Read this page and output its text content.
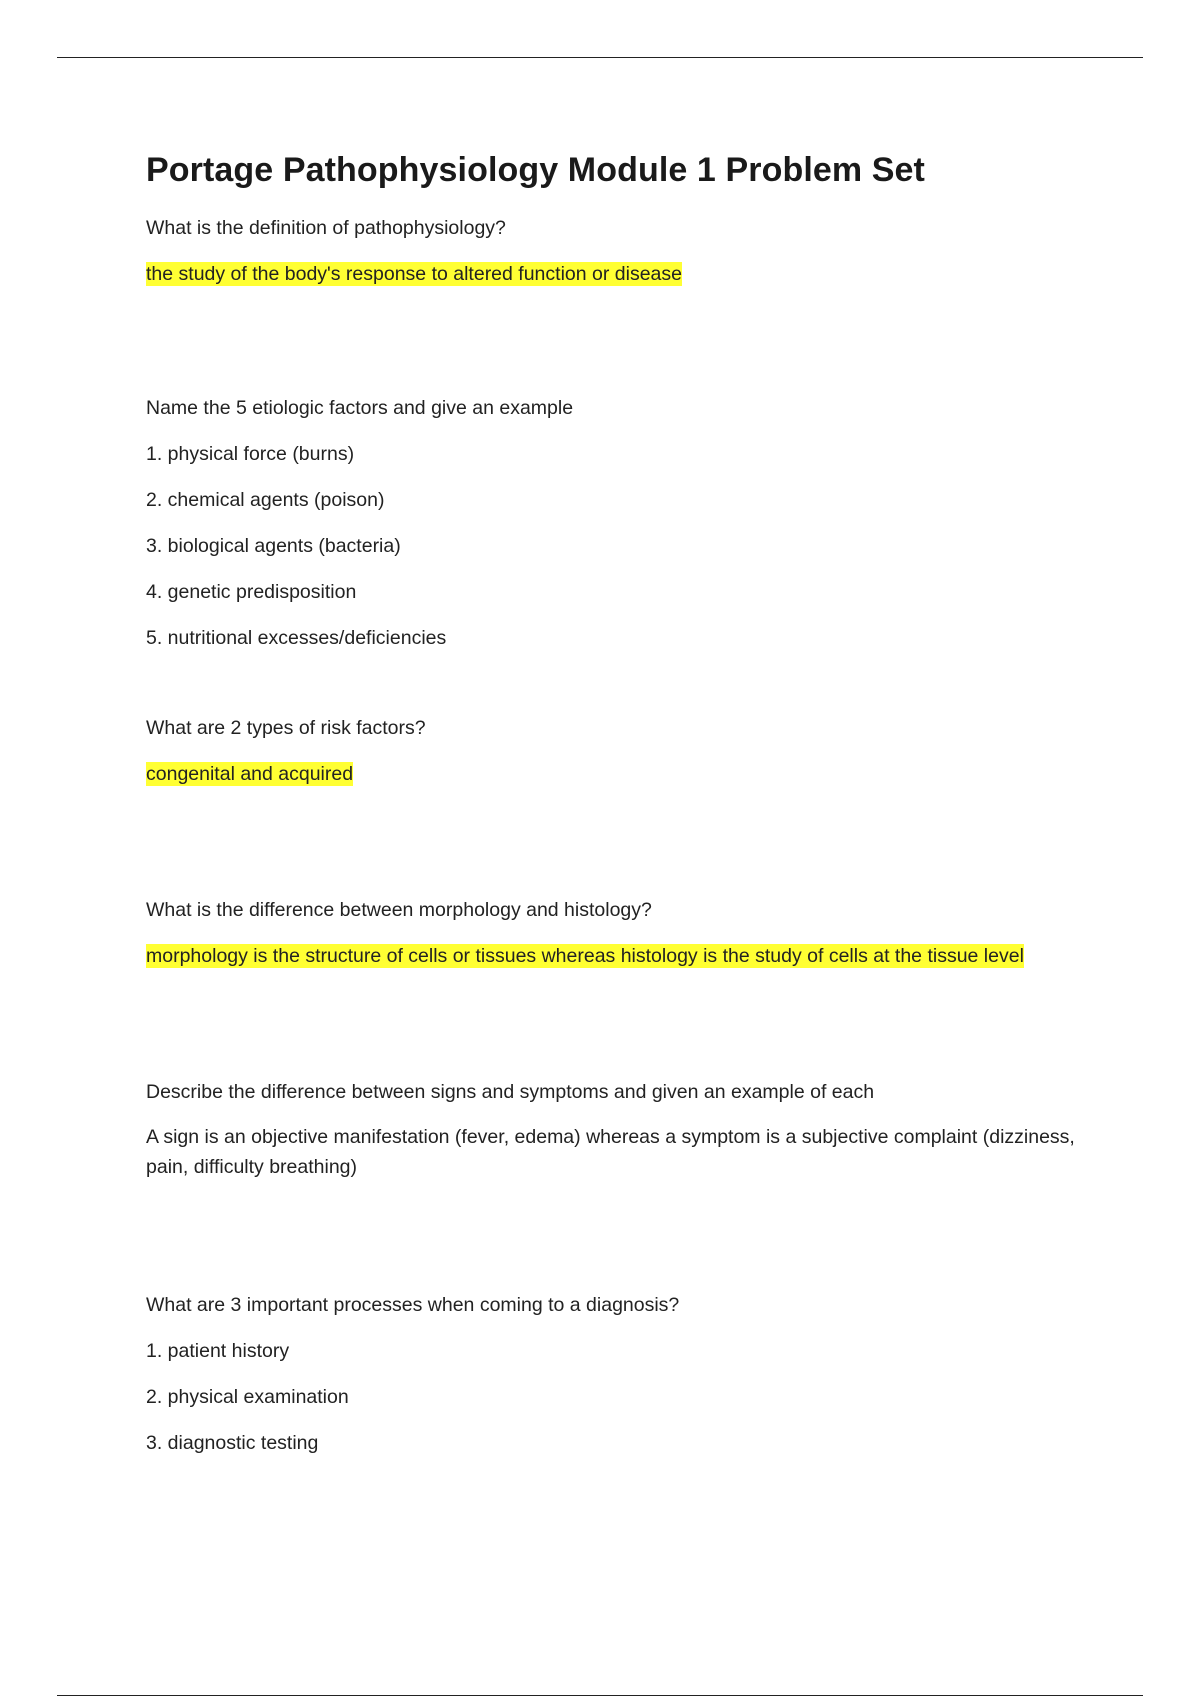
Portage Pathophysiology Module 1 Problem Set

What is the definition of pathophysiology?

the study of the body's response to altered function or disease

Name the 5 etiologic factors and give an example

1. physical force (burns)

2. chemical agents (poison)

3. biological agents (bacteria)

4. genetic predisposition

5. nutritional excesses/deficiencies

What are 2 types of risk factors?

congenital and acquired

What is the difference between morphology and histology?

morphology is the structure of cells or tissues whereas histology is the study of cells at the tissue level

Describe the difference between signs and symptoms and given an example of each

A sign is an objective manifestation (fever, edema) whereas a symptom is a subjective complaint (dizziness, pain, difficulty breathing)

What are 3 important processes when coming to a diagnosis?

1. patient history

2. physical examination

3. diagnostic testing
